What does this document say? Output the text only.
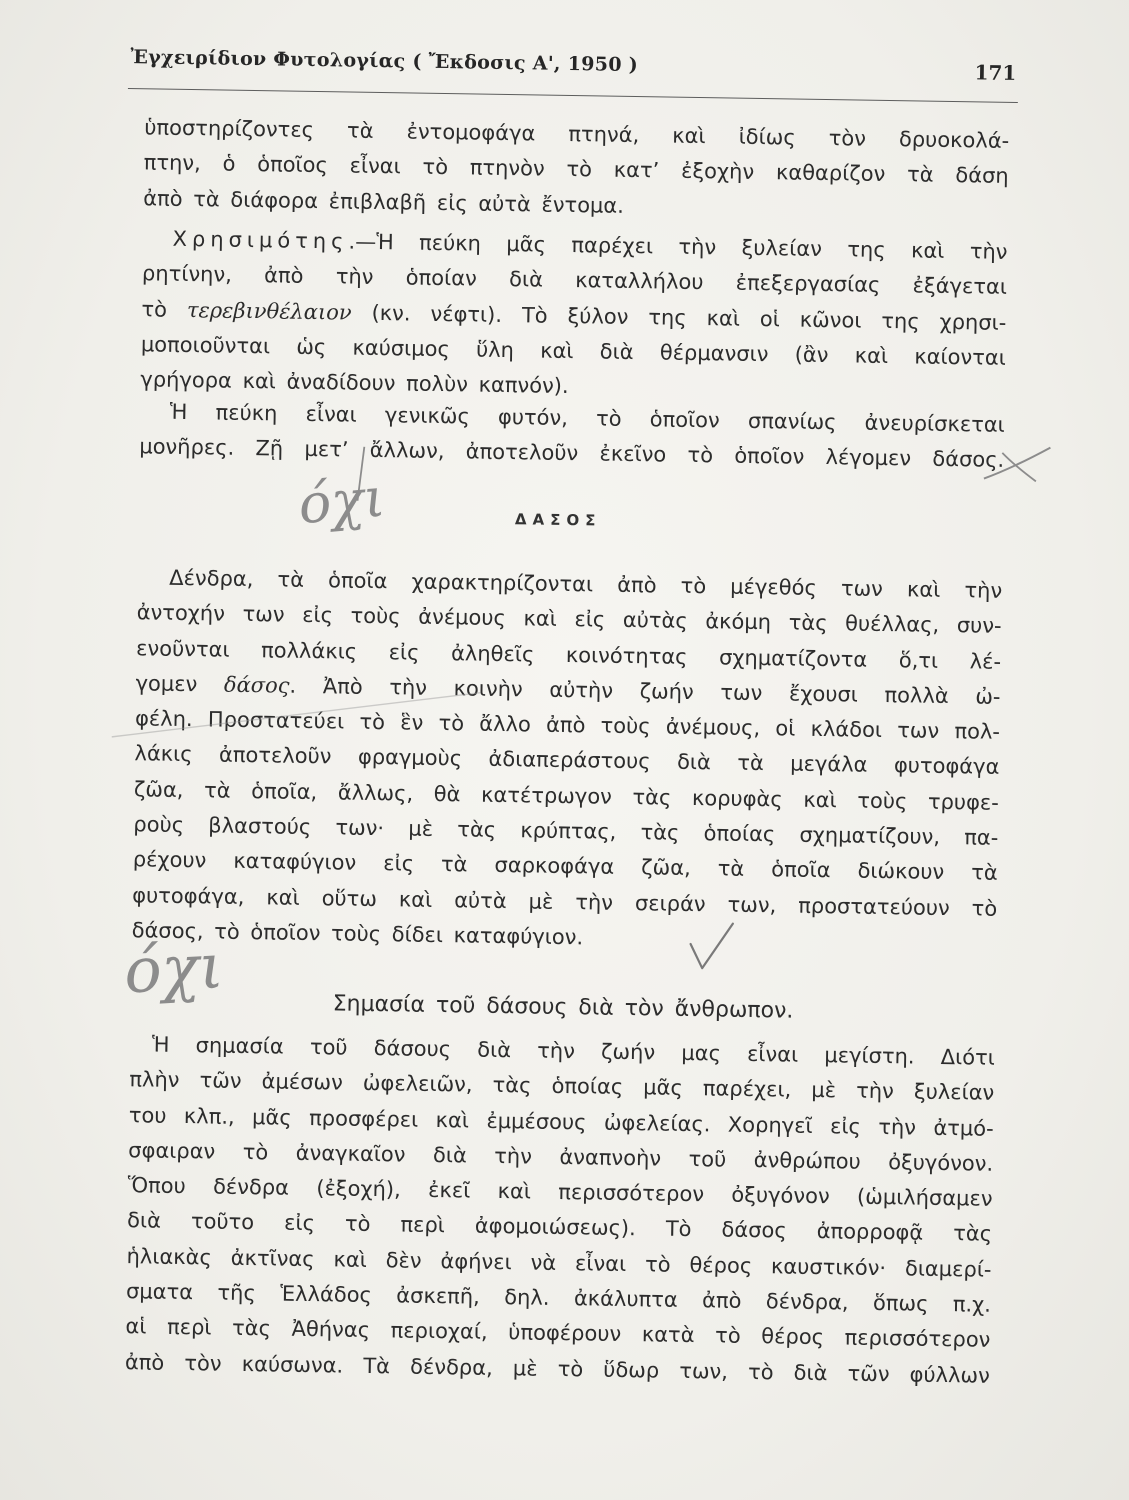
Ἐγχειρίδιον Φυτολογίας ( Ἔκδοσις Α', 1950 )	171
ὑποστηρίζοντες τὰ ἐντομοφάγα πτηνά, καὶ ἰδίως τὸν δρυοκολά-
πτην, ὁ ὁποῖος εἶναι τὸ πτηνὸν τὸ κατ’ ἐξοχὴν καθαρίζον τὰ δάση
ἀπὸ τὰ διάφορα ἐπιβλαβῆ εἰς αὐτὰ ἔντομα.
Χρησιμότης.—Ἡ πεύκη μᾶς παρέχει τὴν ξυλείαν της καὶ τὴν
ρητίνην, ἀπὸ τὴν ὁποίαν διὰ καταλλήλου ἐπεξεργασίας ἐξάγεται
τὸ τερεβινθέλαιον (κν. νέφτι). Τὸ ξύλον της καὶ οἱ κῶνοι της χρησι-
μοποιοῦνται ὡς καύσιμος ὕλη καὶ διὰ θέρμανσιν (ἂν καὶ καίονται
γρήγορα καὶ ἀναδίδουν πολὺν καπνόν).
Ἡ πεύκη εἶναι γενικῶς φυτόν, τὸ ὁποῖον σπανίως ἀνευρίσκεται
μονῆρες. Ζῇ μετ’ ἄλλων, ἀποτελοῦν ἐκεῖνο τὸ ὁποῖον λέγομεν δάσος.
όχι	ΔΑΣΟΣ
Δένδρα, τὰ ὁποῖα χαρακτηρίζονται ἀπὸ τὸ μέγεθός των καὶ τὴν
ἀντοχήν των εἰς τοὺς ἀνέμους καὶ εἰς αὐτὰς ἀκόμη τὰς θυέλλας, συν-
ενοῦνται πολλάκις εἰς ἀληθεῖς κοινότητας σχηματίζοντα ὅ,τι λέ-
γομεν δάσος. Ἀπὸ τὴν κοινὴν αὐτὴν ζωήν των ἔχουσι πολλὰ ὠ-
φέλη. Προστατεύει τὸ ἓν τὸ ἄλλο ἀπὸ τοὺς ἀνέμους, οἱ κλάδοι των πολ-
λάκις ἀποτελοῦν φραγμοὺς ἀδιαπεράστους διὰ τὰ μεγάλα φυτοφάγα
ζῶα, τὰ ὁποῖα, ἄλλως, θὰ κατέτρωγον τὰς κορυφὰς καὶ τοὺς τρυφε-
ροὺς βλαστούς των· μὲ τὰς κρύπτας, τὰς ὁποίας σχηματίζουν, πα-
ρέχουν καταφύγιον εἰς τὰ σαρκοφάγα ζῶα, τὰ ὁποῖα διώκουν τὰ
φυτοφάγα, καὶ οὕτω καὶ αὐτὰ μὲ τὴν σειράν των, προστατεύουν τὸ
δάσος, τὸ ὁποῖον τοὺς δίδει καταφύγιον.
όχι	Σημασία τοῦ δάσους διὰ τὸν ἄνθρωπον.
Ἡ σημασία τοῦ δάσους διὰ τὴν ζωήν μας εἶναι μεγίστη. Διότι
πλὴν τῶν ἀμέσων ὠφελειῶν, τὰς ὁποίας μᾶς παρέχει, μὲ τὴν ξυλείαν
του κλπ., μᾶς προσφέρει καὶ ἐμμέσους ὠφελείας. Χορηγεῖ εἰς τὴν ἀτμό-
σφαιραν τὸ ἀναγκαῖον διὰ τὴν ἀναπνοὴν τοῦ ἀνθρώπου ὀξυγόνον.
Ὅπου δένδρα (ἐξοχή), ἐκεῖ καὶ περισσότερον ὀξυγόνον (ὡμιλήσαμεν
διὰ τοῦτο εἰς τὸ περὶ ἀφομοιώσεως). Τὸ δάσος ἀπορροφᾷ τὰς
ἡλιακὰς ἀκτῖνας καὶ δὲν ἀφήνει νὰ εἶναι τὸ θέρος καυστικόν· διαμερί-
σματα τῆς Ἑλλάδος ἀσκεπῆ, δηλ. ἀκάλυπτα ἀπὸ δένδρα, ὅπως π.χ.
αἱ περὶ τὰς Ἀθήνας περιοχαί, ὑποφέρουν κατὰ τὸ θέρος περισσότερον
ἀπὸ τὸν καύσωνα. Τὰ δένδρα, μὲ τὸ ὕδωρ των, τὸ διὰ τῶν φύλλων
